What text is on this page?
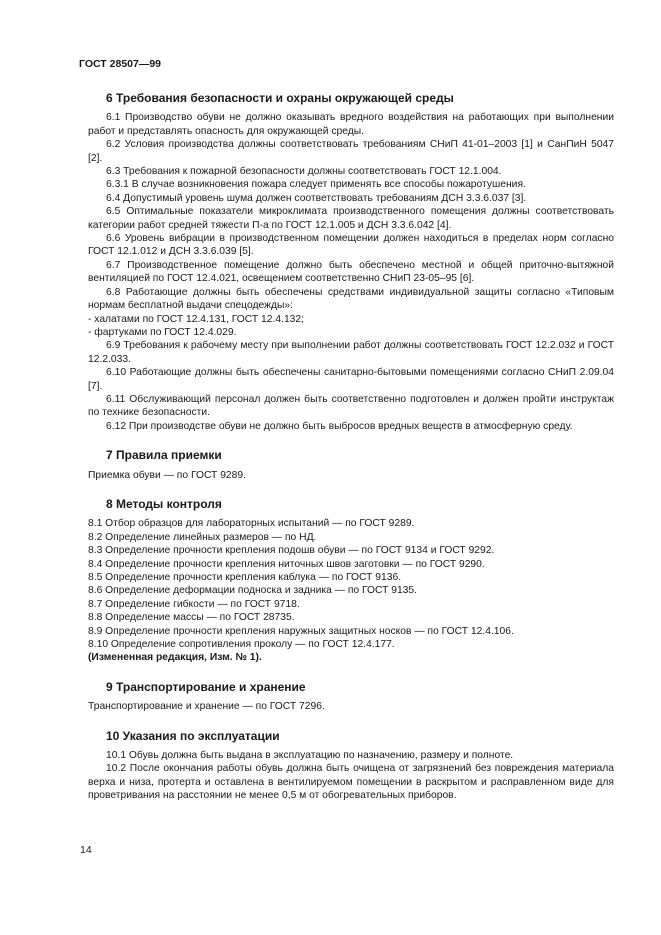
ГОСТ 28507—99
6 Требования безопасности и охраны окружающей среды
6.1 Производство обуви не должно оказывать вредного воздействия на работающих при выполнении работ и представлять опасность для окружающей среды.
6.2 Условия производства должны соответствовать требованиям СНиП 41-01–2003 [1] и СанПиН 5047 [2].
6.3 Требования к пожарной безопасности должны соответствовать ГОСТ 12.1.004.
6.3.1 В случае возникновения пожара следует применять все способы пожаротушения.
6.4 Допустимый уровень шума должен соответствовать требованиям ДСН 3.3.6.037 [3].
6.5 Оптимальные показатели микроклимата производственного помещения должны соответствовать категории работ средней тяжести П-а по ГОСТ 12.1.005 и ДСН 3.3.6.042 [4].
6.6 Уровень вибрации в производственном помещении должен находиться в пределах норм согласно ГОСТ 12.1.012 и ДСН 3.3.6.039 [5].
6.7 Производственное помещение должно быть обеспечено местной и общей приточно-вытяжной вентиляцией по ГОСТ 12.4.021, освещением соответственно СНиП 23-05–95 [6].
6.8 Работающие должны быть обеспечены средствами индивидуальной защиты согласно «Типовым нормам бесплатной выдачи спецодежды»:
- халатами по ГОСТ 12.4.131, ГОСТ 12.4.132;
- фартуками по ГОСТ 12.4.029.
6.9 Требования к рабочему месту при выполнении работ должны соответствовать ГОСТ 12.2.032 и ГОСТ 12.2.033.
6.10 Работающие должны быть обеспечены санитарно-бытовыми помещениями согласно СНиП 2.09.04 [7].
6.11 Обслуживающий персонал должен быть соответственно подготовлен и должен пройти инструктаж по технике безопасности.
6.12 При производстве обуви не должно быть выбросов вредных веществ в атмосферную среду.
7 Правила приемки
Приемка обуви — по ГОСТ 9289.
8 Методы контроля
8.1 Отбор образцов для лабораторных испытаний — по ГОСТ 9289.
8.2 Определение линейных размеров — по НД.
8.3 Определение прочности крепления подошв обуви — по ГОСТ 9134 и ГОСТ 9292.
8.4 Определение прочности крепления ниточных швов заготовки — по ГОСТ 9290.
8.5 Определение прочности крепления каблука — по ГОСТ 9136.
8.6 Определение деформации подноска и задника — по ГОСТ 9135.
8.7 Определение гибкости — по ГОСТ 9718.
8.8 Определение массы — по ГОСТ 28735.
8.9 Определение прочности крепления наружных защитных носков — по ГОСТ 12.4.106.
8.10 Определение сопротивления проколу — по ГОСТ 12.4.177.
(Измененная редакция, Изм. № 1).
9 Транспортирование и хранение
Транспортирование и хранение — по ГОСТ 7296.
10 Указания по эксплуатации
10.1 Обувь должна быть выдана в эксплуатацию по назначению, размеру и полноте.
10.2 После окончания работы обувь должна быть очищена от загрязнений без повреждения материала верха и низа, протерта и оставлена в вентилируемом помещении в раскрытом и расправленном виде для проветривания на расстоянии не менее 0,5 м от обогревательных приборов.
14
